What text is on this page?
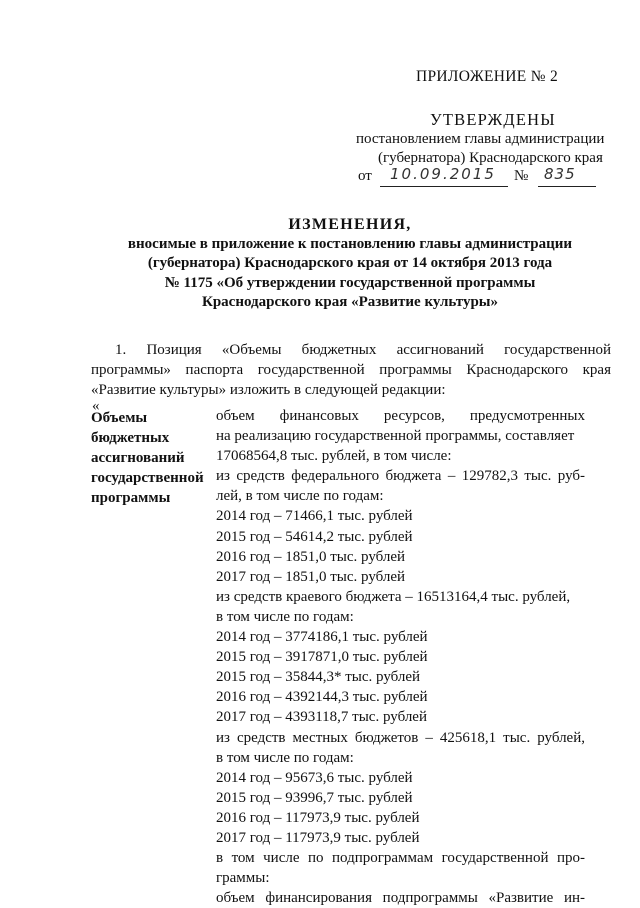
ПРИЛОЖЕНИЕ № 2
УТВЕРЖДЕНЫ
постановлением главы администрации
(губернатора) Краснодарского края
от 10.09.2015 № 835
ИЗМЕНЕНИЯ,
вносимые в приложение к постановлению главы администрации
(губернатора) Краснодарского края от 14 октября 2013 года
№ 1175 «Об утверждении государственной программы
Краснодарского края «Развитие культуры»
1. Позиция «Объемы бюджетных ассигнований государственной
программы» паспорта государственной программы Краснодарского края
«Развитие культуры» изложить в следующей редакции:
«
Объемы
бюджетных
ассигнований
государственной
программы
объем финансовых ресурсов, предусмотренных
на реализацию государственной программы, составляет
17068564,8 тыс. рублей, в том числе:
из средств федерального бюджета – 129782,3 тыс. руб-
лей, в том числе по годам:
2014 год – 71466,1 тыс. рублей
2015 год – 54614,2 тыс. рублей
2016 год – 1851,0 тыс. рублей
2017 год – 1851,0 тыс. рублей
из средств краевого бюджета – 16513164,4 тыс. рублей,
в том числе по годам:
2014 год – 3774186,1 тыс. рублей
2015 год – 3917871,0 тыс. рублей
2015 год – 35844,3* тыс. рублей
2016 год – 4392144,3 тыс. рублей
2017 год – 4393118,7 тыс. рублей
из средств местных бюджетов – 425618,1 тыс. рублей,
в том числе по годам:
2014 год – 95673,6 тыс. рублей
2015 год – 93996,7 тыс. рублей
2016 год – 117973,9 тыс. рублей
2017 год – 117973,9 тыс. рублей
в том числе по подпрограммам государственной про-
граммы:
объем финансирования подпрограммы «Развитие ин-
